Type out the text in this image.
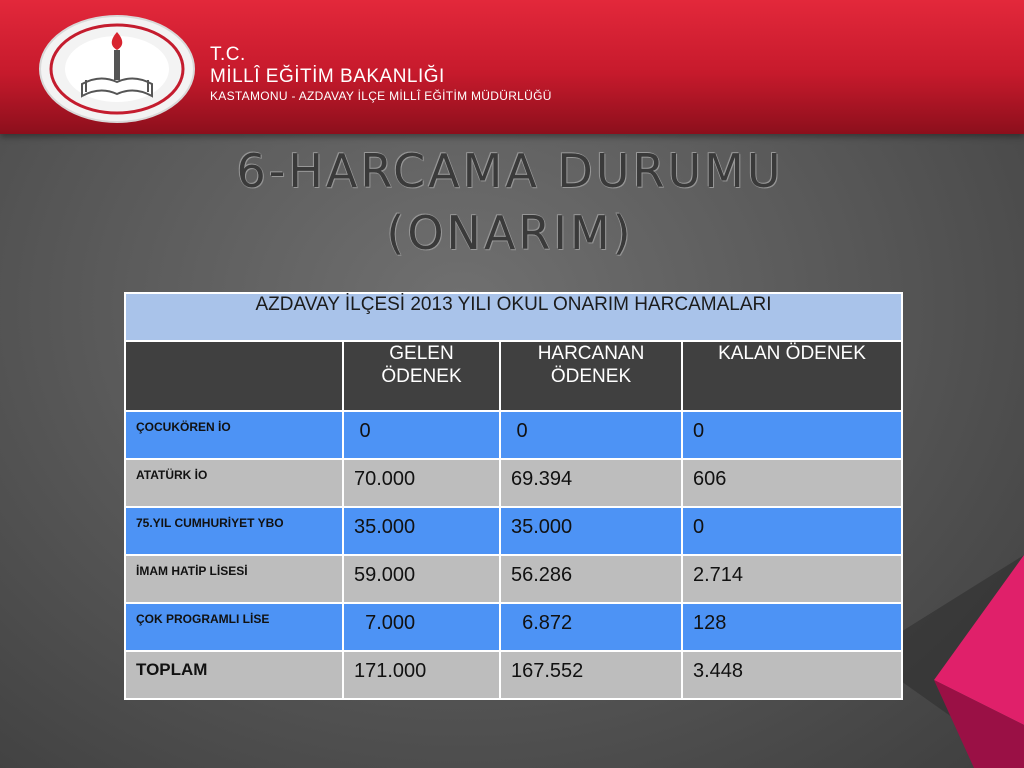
T.C.
MİLLÎ EĞİTİM BAKANLIĞI
KASTAMONU - AZDAVAY İLÇE MİLLÎ EĞİTİM MÜDÜRLÜĞÜ
6-HARCAMA DURUMU
(ONARIM)
AZDAVAY İLÇESİ 2013 YILI OKUL ONARIM HARCAMALARI			
	GELEN ÖDENEK	HARCANAN ÖDENEK	KALAN ÖDENEK
ÇOCUKÖREN İO	0	0	0
ATATÜRK İO	70.000	69.394	606
75.YIL CUMHURİYET YBO	35.000	35.000	0
İMAM HATİP LİSESİ	59.000	56.286	2.714
ÇOK PROGRAMLI LİSE	7.000	6.872	128
TOPLAM	171.000	167.552	3.448
